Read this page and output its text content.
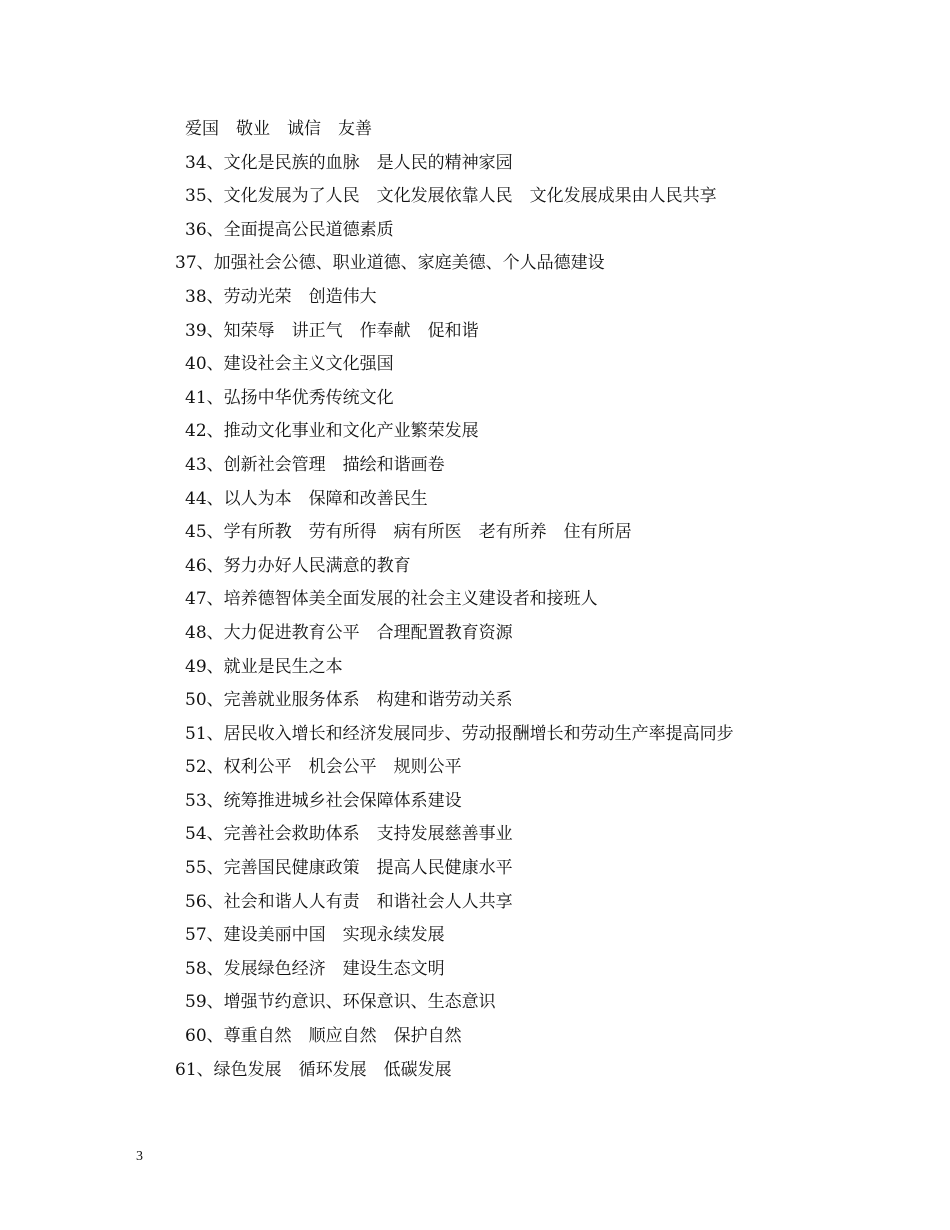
爱国　敬业　诚信　友善
34、文化是民族的血脉　是人民的精神家园
35、文化发展为了人民　文化发展依靠人民　文化发展成果由人民共享
36、全面提高公民道德素质
37、加强社会公德、职业道德、家庭美德、个人品德建设
38、劳动光荣　创造伟大
39、知荣辱　讲正气　作奉献　促和谐
40、建设社会主义文化强国
41、弘扬中华优秀传统文化
42、推动文化事业和文化产业繁荣发展
43、创新社会管理　描绘和谐画卷
44、以人为本　保障和改善民生
45、学有所教　劳有所得　病有所医　老有所养　住有所居
46、努力办好人民满意的教育
47、培养德智体美全面发展的社会主义建设者和接班人
48、大力促进教育公平　合理配置教育资源
49、就业是民生之本
50、完善就业服务体系　构建和谐劳动关系
51、居民收入增长和经济发展同步、劳动报酬增长和劳动生产率提高同步
52、权利公平　机会公平　规则公平
53、统筹推进城乡社会保障体系建设
54、完善社会救助体系　支持发展慈善事业
55、完善国民健康政策　提高人民健康水平
56、社会和谐人人有责　和谐社会人人共享
57、建设美丽中国　实现永续发展
58、发展绿色经济　建设生态文明
59、增强节约意识、环保意识、生态意识
60、尊重自然　顺应自然　保护自然
61、绿色发展　循环发展　低碳发展
3
